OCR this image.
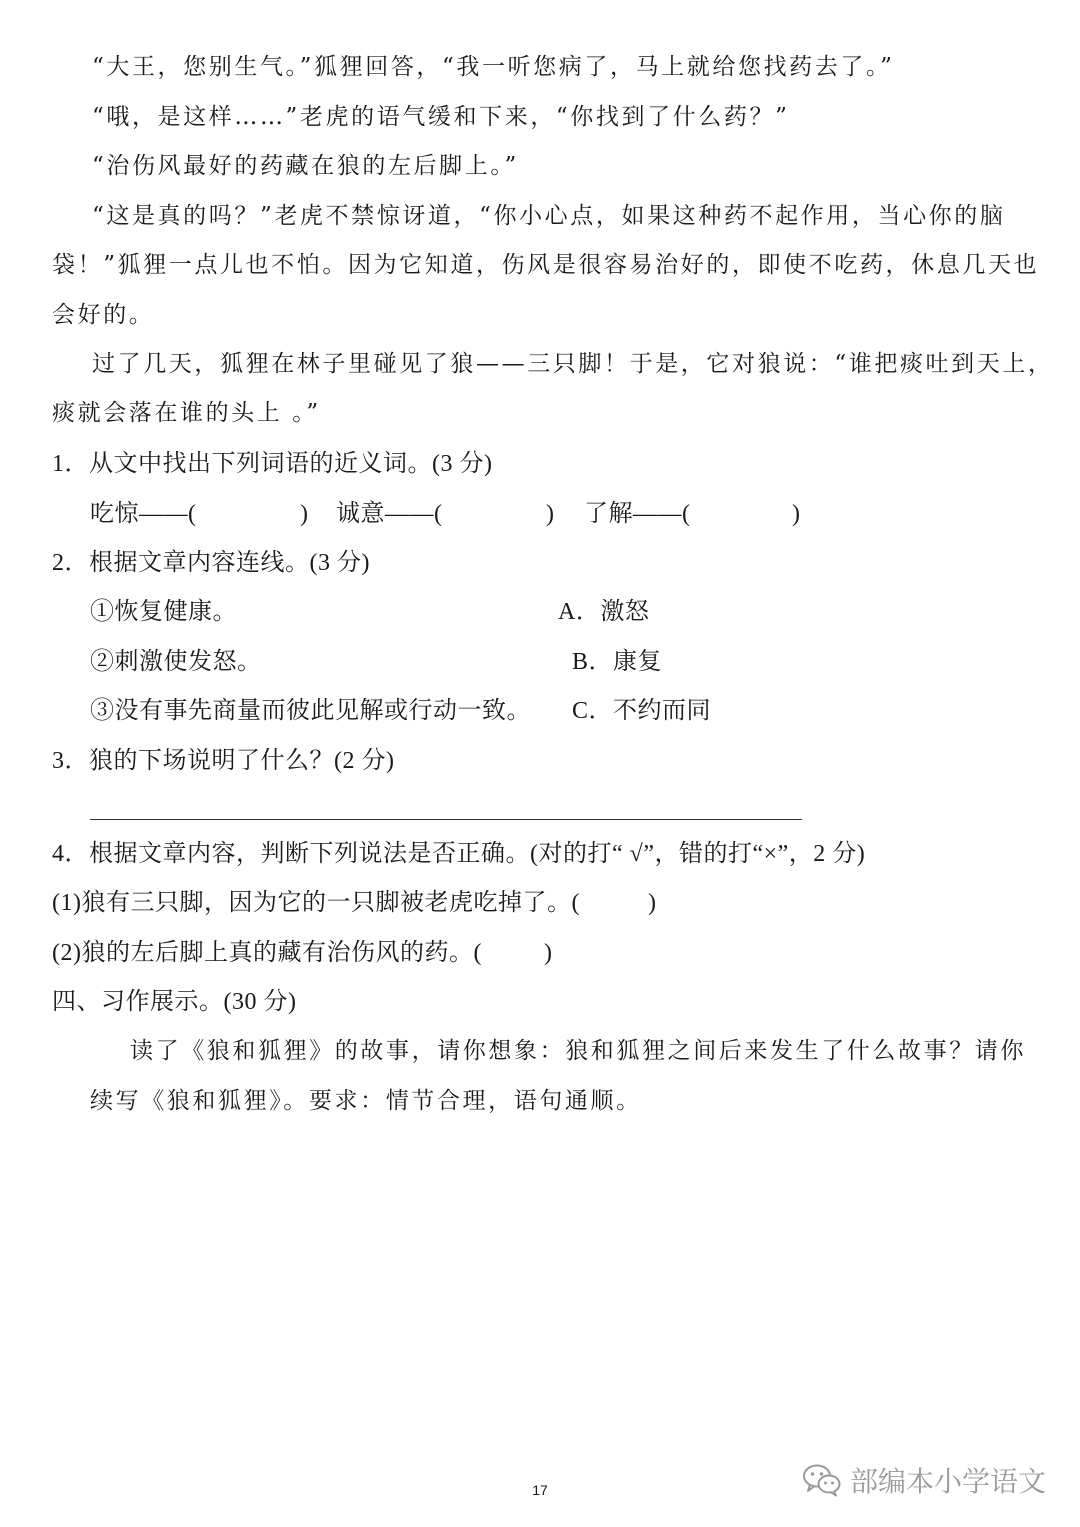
“大王，您别生气。”狐狸回答，“我一听您病了，马上就给您找药去了。”
“哦，是这样……”老虎的语气缓和下来，“你找到了什么药？”
“治伤风最好的药藏在狼的左后脚上。”
“这是真的吗？”老虎不禁惊讶道，“你小心点，如果这种药不起作用，当心你的脑
袋！”狐狸一点儿也不怕。因为它知道，伤风是很容易治好的，即使不吃药，休息几天也
会好的。
过了几天，狐狸在林子里碰见了狼——三只脚！于是，它对狼说：“谁把痰吐到天上，
痰就会落在谁的头上 。”
1．从文中找出下列词语的近义词。(3 分)
吃惊——(	) 诚意——(	) 了解——(	)
2．根据文章内容连线。(3 分)
①恢复健康。	A．激怒
②刺激使发怒。	B．康复
③没有事先商量而彼此见解或行动一致。 C．不约而同
3．狼的下场说明了什么？(2 分)
4．根据文章内容，判断下列说法是否正确。(对的打“ √”，错的打“×”，2 分)
(1)狼有三只脚，因为它的一只脚被老虎吃掉了。(	)
(2)狼的左后脚上真的藏有治伤风的药。(	)
四、习作展示。(30 分)
读了《狼和狐狸》的故事，请你想象：狼和狐狸之间后来发生了什么故事？请你
续写《狼和狐狸》。要求：情节合理，语句通顺。
17	部编本小学语文
